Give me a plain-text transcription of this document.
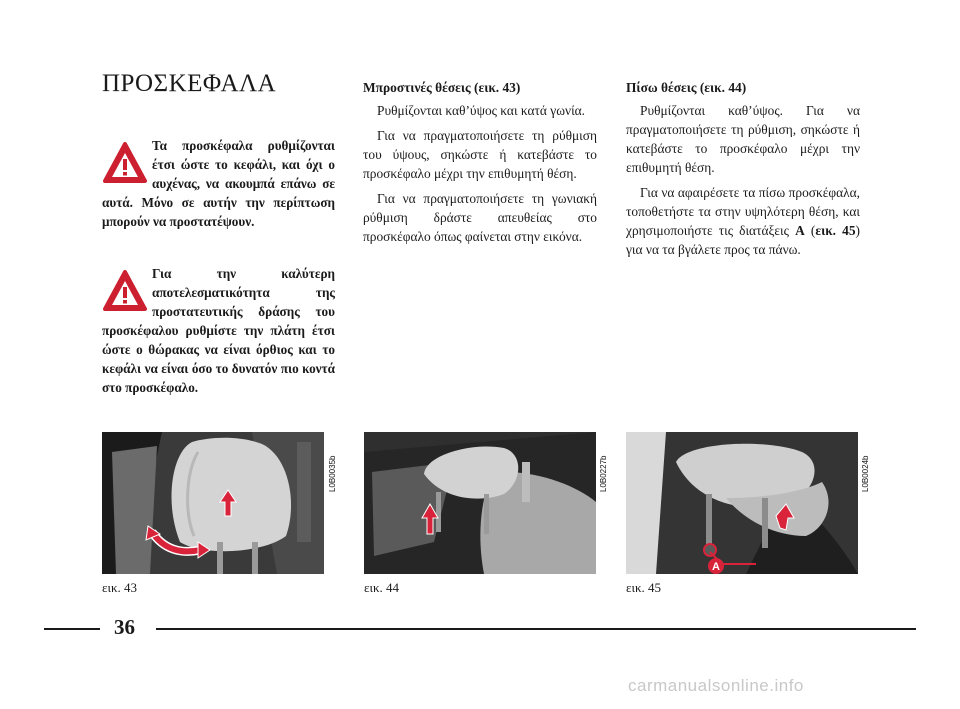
ΠΡΟΣΚΕΦΑΛΑ
Τα προσκέφαλα ρυθμίζονται έτσι ώστε το κεφάλι, και όχι ο αυχένας, να ακουμπά επάνω σε αυτά. Μόνο σε αυτήν την περίπτωση μπορούν να προστατέψουν.
Για την καλύτερη αποτελεσματικότητα της προστατευτικής δράσης του προσκέφαλου ρυθμίστε την πλάτη έτσι ώστε ο θώρακας να είναι όρθιος και το κεφάλι να είναι όσο το δυνατόν πιο κοντά στο προσκέφαλο.
Μπροστινές θέσεις (εικ. 43)

Ρυθμίζονται καθ’ύψος και κατά γωνία.

Για να πραγματοποιήσετε τη ρύθμιση του ύψους, σηκώστε ή κατεβάστε το προσκέφαλο μέχρι την επιθυμητή θέση.

Για να πραγματοποιήσετε τη γωνιακή ρύθμιση δράστε απευθείας στο προσκέφαλο όπως φαίνεται στην εικόνα.

Πίσω θέσεις (εικ. 44)

Ρυθμίζονται καθ’ύψος. Για να πραγματοποιήσετε τη ρύθμιση, σηκώστε ή κατεβάστε το προσκέφαλο μέχρι την επιθυμητή θέση.

Για να αφαιρέσετε τα πίσω προσκέφαλα, τοποθετήστε τα στην υψηλότερη θέση, και χρησιμοποιήστε τις διατάξεις A (εικ. 45) για να τα βγάλετε προς τα πάνω.

L0B0035b
εικ. 43
L0B0227b
εικ. 44
A
L0B0024b
εικ. 45
36
carmanualsonline.info
